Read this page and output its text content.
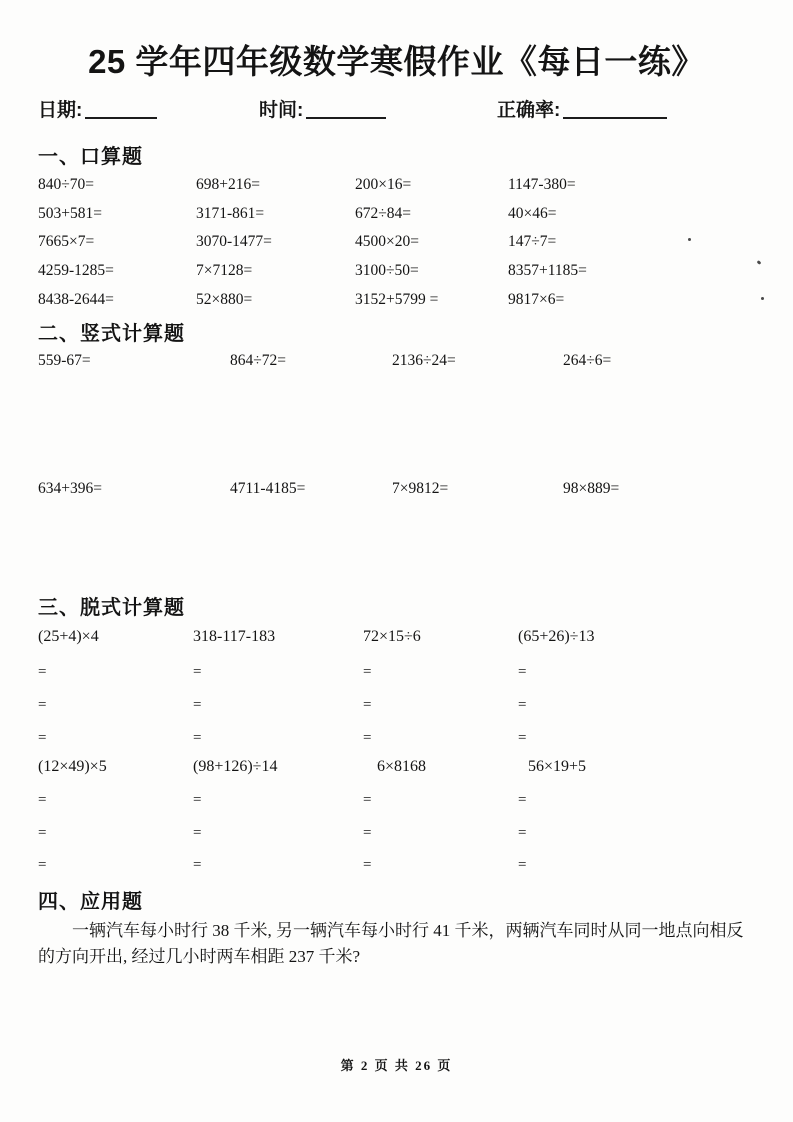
25 学年四年级数学寒假作业《每日一练》
日期:	时间:	正确率:
一、口算题
840÷70=	698+216=	200×16=	1147-380=
503+581=	3171-861=	672÷84=	40×46=
7665×7=	3070-1477=	4500×20=	147÷7=
4259-1285=	7×7128=	3100÷50=	8357+1185=
8438-2644=	52×880=	3152+5799 =	9817×6=
二、竖式计算题
559-67=	864÷72=	2136÷24=	264÷6=
634+396=	4711-4185=	7×9812=	98×889=
三、脱式计算题
(25+4)×4	318-117-183	72×15÷6	(65+26)÷13
=	=	=	=
=	=	=	=
=	=	=	=
(12×49)×5	(98+126)÷14	6×8168	56×19+5
=	=	=	=
=	=	=	=
=	=	=	=
四、应用题

一辆汽车每小时行 38 千米, 另一辆汽车每小时行 41 千米，两辆汽车同时从同一地点向相反的方向开出, 经过几小时两车相距 237 千米?

第 2 页 共 26 页
